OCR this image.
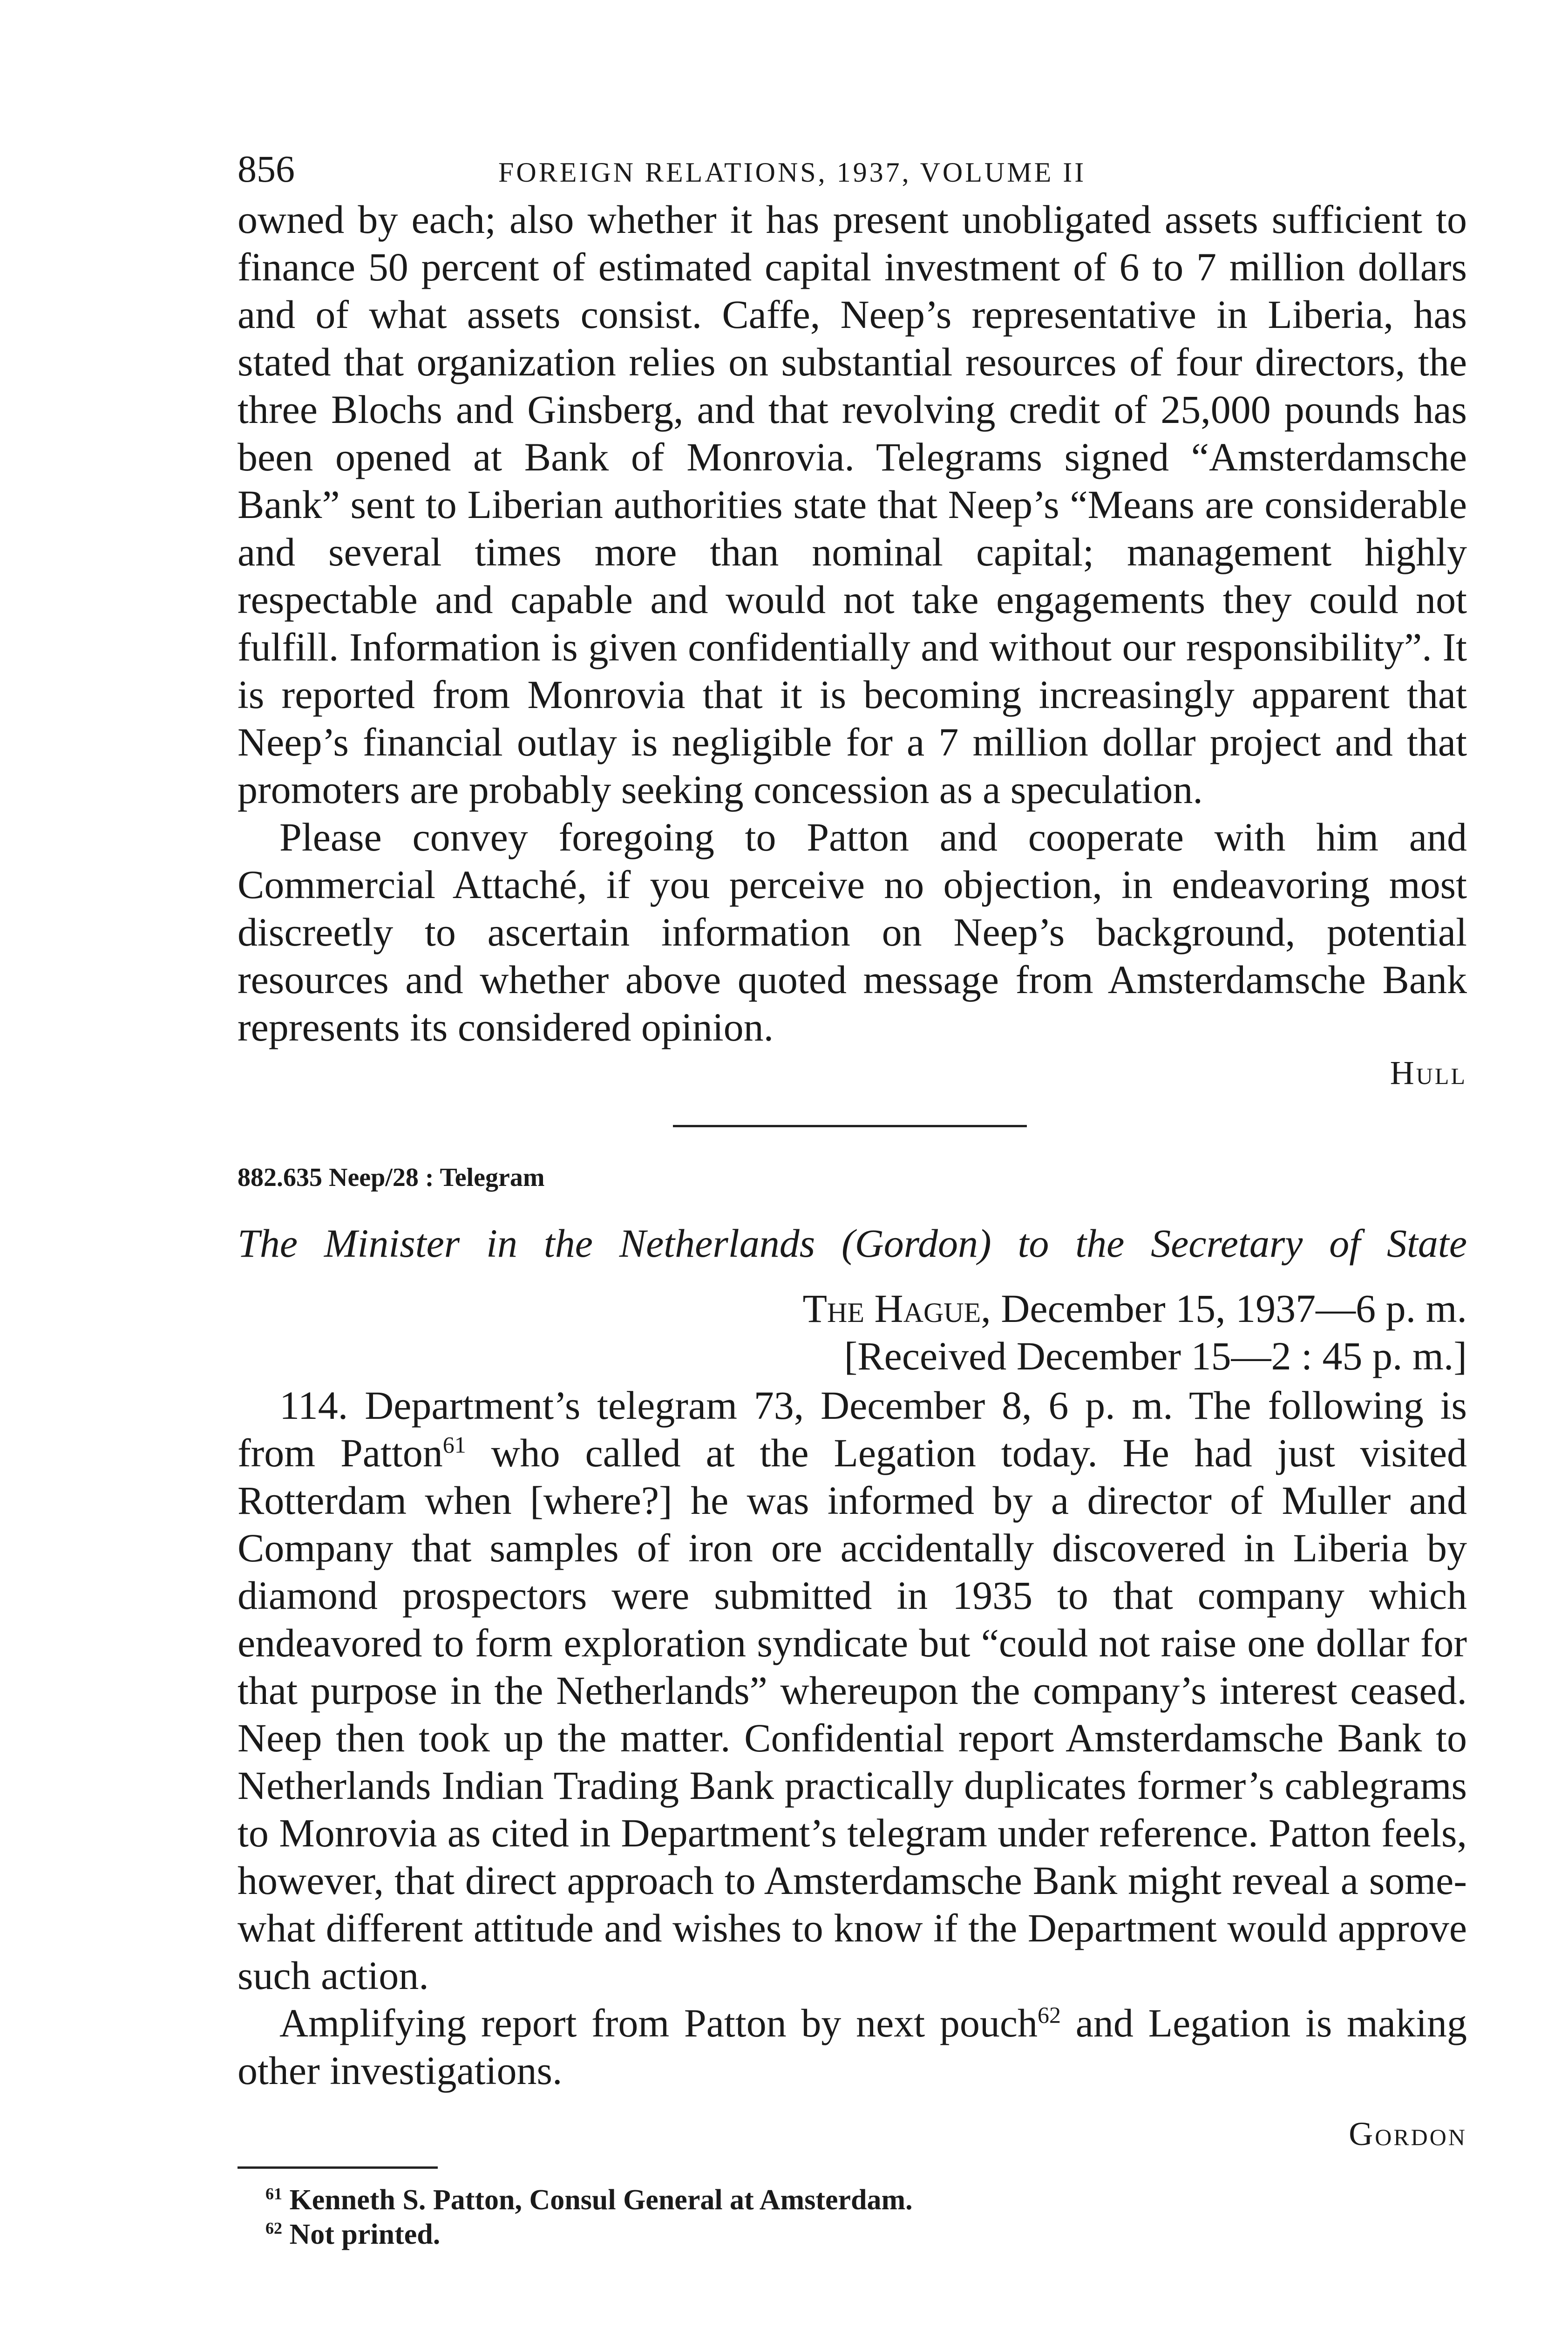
856	FOREIGN RELATIONS, 1937, VOLUME II

owned by each; also whether it has present unobligated assets sufficient to finance 50 percent of estimated capital investment of 6 to 7 million dollars and of what assets consist. Caffe, Neep’s representative in Liberia, has stated that organization relies on substantial resources of four directors, the three Blochs and Ginsberg, and that revolving credit of 25,000 pounds has been opened at Bank of Monrovia. Telegrams signed “Amsterdamsche Bank” sent to Liberian authorities state that Neep’s “Means are considerable and several times more than nominal capital; management highly respectable and capable and would not take engagements they could not fulfill. Information is given confidentially and without our responsibility”. It is reported from Monrovia that it is becoming increasingly apparent that Neep’s financial outlay is negligible for a 7 million dollar project and that promoters are probably seeking concession as a speculation.

Please convey foregoing to Patton and cooperate with him and Commercial Attaché, if you perceive no objection, in endeavoring most discreetly to ascertain information on Neep’s background, potential resources and whether above quoted message from Amsterdamsche Bank represents its considered opinion.

Hull
882.635 Neep/28 : Telegram
The Minister in the Netherlands (Gordon) to the Secretary of State
The Hague, December 15, 1937—6 p. m.
[Received December 15—2 : 45 p. m.]

114. Department’s telegram 73, December 8, 6 p. m. The following is from Patton$^{61}$ who called at the Legation today. He had just visited Rotterdam when [where?] he was informed by a director of Muller and Company that samples of iron ore accidentally discovered in Liberia by diamond prospectors were submitted in 1935 to that company which endeavored to form exploration syndicate but “could not raise one dollar for that purpose in the Netherlands” whereupon the company’s interest ceased. Neep then took up the matter. Confidential report Amsterdamsche Bank to Netherlands Indian Trading Bank practically duplicates former’s cablegrams to Monrovia as cited in Department’s telegram under reference. Patton feels, however, that direct approach to Amsterdamsche Bank might reveal a somewhat different attitude and wishes to know if the Department would approve such action.

Amplifying report from Patton by next pouch$^{62}$ and Legation is making other investigations.

Gordon
$^{61}$ Kenneth S. Patton, Consul General at Amsterdam.
$^{62}$ Not printed.
